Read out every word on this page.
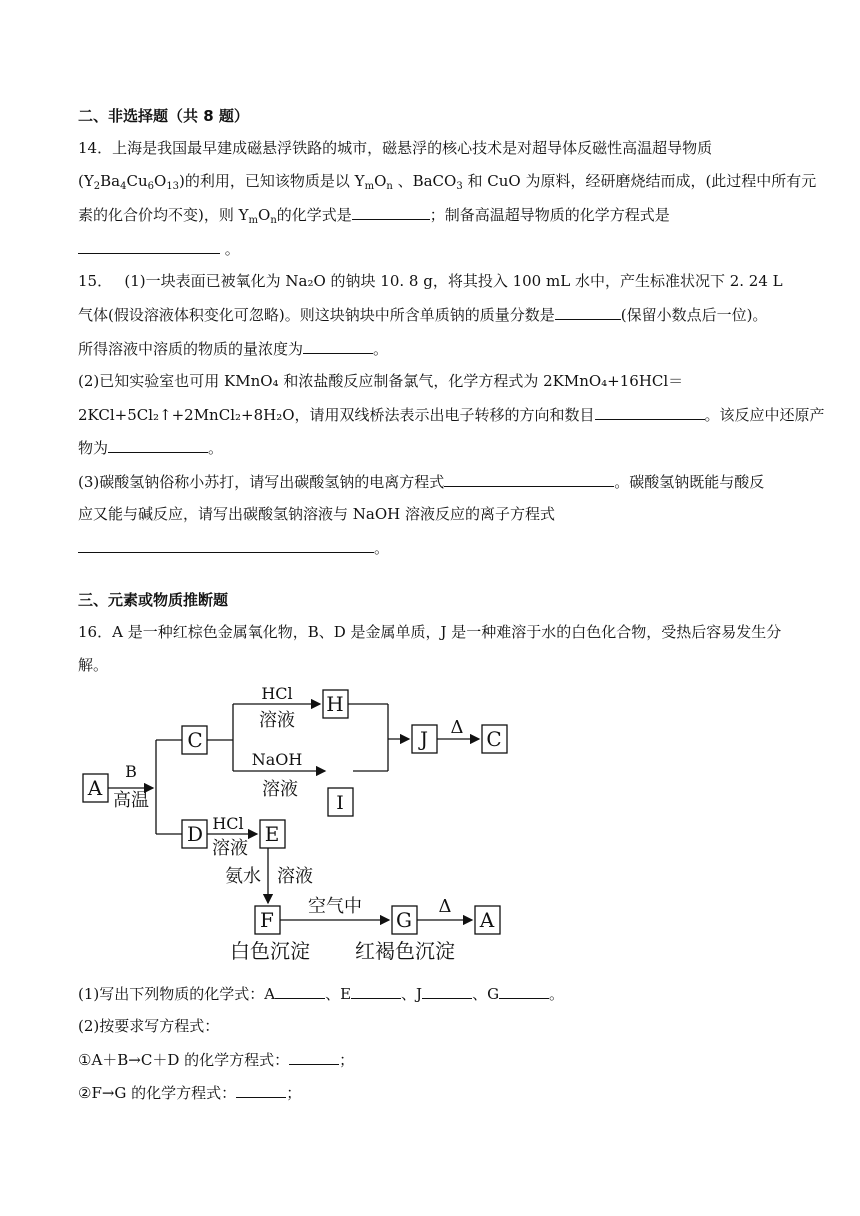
二、非选择题（共 8 题）
14．上海是我国最早建成磁悬浮铁路的城市，磁悬浮的核心技术是对超导体反磁性高温超导物质
$(Y_2Ba_4Cu_6O_{13})$的利用，已知该物质是以 $Y_mO_n$ 、BaCO$_3$ 和 CuO 为原料，经研磨烧结而成，(此过程中所有元
素的化合价均不变)，则 $Y_mO_n$的化学式是	；制备高温超导物质的化学方程式是
。
15．　 (1)一块表面已被氧化为 Na₂O 的钠块 10. 8 g，将其投入 100 mL 水中，产生标准状况下 2. 24 L
气体(假设溶液体积变化可忽略)。则这块钠块中所含单质钠的质量分数是	(保留小数点后一位)。
所得溶液中溶质的物质的量浓度为	。
(2)已知实验室也可用 KMnO₄ 和浓盐酸反应制备氯气，化学方程式为 2KMnO₄+16HCl＝
2KCl+5Cl₂↑+2MnCl₂+8H₂O，请用双线桥法表示出电子转移的方向和数目	。该反应中还原产
物为	。
(3)碳酸氢钠俗称小苏打，请写出碳酸氢钠的电离方程式	。碳酸氢钠既能与酸反
应又能与碱反应，请写出碳酸氢钠溶液与 NaOH 溶液反应的离子方程式
。
三、元素或物质推断题
16．A 是一种红棕色金属氧化物，B、D 是金属单质，J 是一种难溶于水的白色化合物，受热后容易发生分
解。
A
C
D	E
H
I
J	C
F	G	A
B
高温
HCl
溶液
NaOH
溶液
HCl
溶液
氨水 溶液
空气中
Δ
Δ
白色沉淀 红褐色沉淀
(1)写出下列物质的化学式：A	、E	、J	、G	。
(2)按要求写方程式：
①A＋B→C＋D 的化学方程式：	；
②F→G 的化学方程式：	；
